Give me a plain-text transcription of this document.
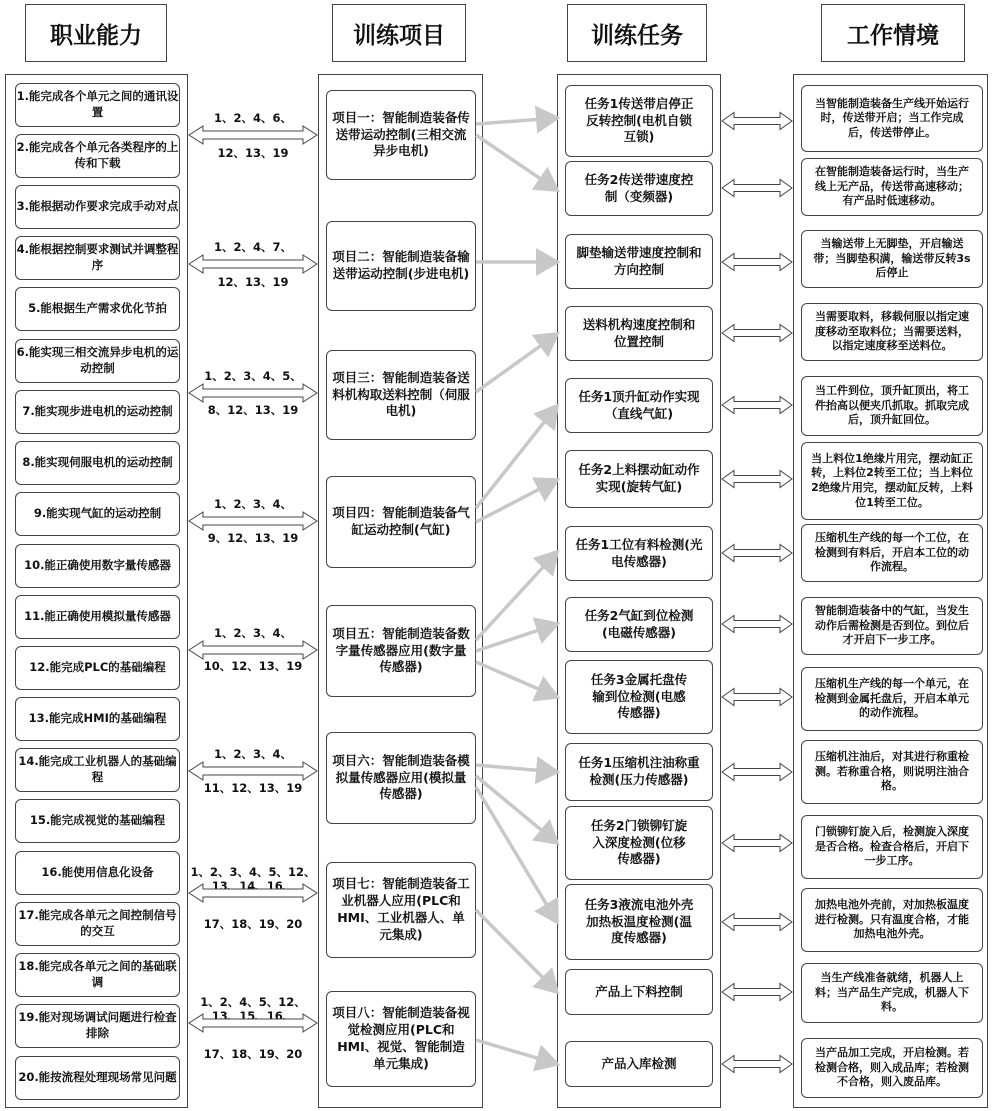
职业能力	训练项目	训练任务	工作情境
1.能完成各个单元之间的通讯设置
2.能完成各个单元各类程序的上传和下载
3.能根据动作要求完成手动对点
4.能根据控制要求测试并调整程序
5.能根据生产需求优化节拍
6.能实现三相交流异步电机的运动控制
7.能实现步进电机的运动控制
8.能实现伺服电机的运动控制
9.能实现气缸的运动控制
10.能正确使用数字量传感器
11.能正确使用模拟量传感器
12.能完成PLC的基础编程
13.能完成HMI的基础编程
14.能完成工业机器人的基础编程
15.能完成视觉的基础编程
16.能使用信息化设备
17.能完成各单元之间控制信号的交互
18.能完成各单元之间的基础联调
19.能对现场调试问题进行检查排除
20.能按流程处理现场常见问题
项目一：智能制造装备传送带运动控制(三相交流异步电机)
项目二：智能制造装备输送带运动控制(步进电机)
项目三：智能制造装备送料机构取送料控制（伺服电机)
项目四：智能制造装备气缸运动控制(气缸)
项目五：智能制造装备数字量传感器应用(数字量传感器)
项目六：智能制造装备模拟量传感器应用(模拟量传感器)
项目七：智能制造装备工业机器人应用(PLC和HMI、工业机器人、单元集成)
项目八：智能制造装备视觉检测应用(PLC和HMI、视觉、智能制造单元集成)
任务1传送带启停正反转控制(电机自锁互锁)
任务2传送带速度控制（变频器)
脚垫输送带速度控制和方向控制
送料机构速度控制和位置控制
任务1顶升缸动作实现（直线气缸)
任务2上料摆动缸动作实现(旋转气缸)
任务1工位有料检测(光电传感器)
任务2气缸到位检测(电磁传感器)
任务3金属托盘传输到位检测(电感传感器)
任务1压缩机注油称重检测(压力传感器)
任务2门锁铆钉旋入深度检测(位移传感器)
任务3液流电池外壳加热板温度检测(温度传感器)
产品上下料控制
产品入库检测
当智能制造装备生产线开始运行时，传送带开启；当工作完成后，传送带停止。
在智能制造装备运行时，当生产线上无产品，传送带高速移动；有产品时低速移动。
当输送带上无脚垫，开启输送带；当脚垫积满，输送带反转3s后停止
当需要取料，移载伺服以指定速度移动至取料位；当需要送料，以指定速度移至送料位。
当工件到位，顶升缸顶出，将工件抬高以便夹爪抓取。抓取完成后，顶升缸回位。
当上料位1绝缘片用完，摆动缸正转，上料位2转至工位；当上料位2绝缘片用完，摆动缸反转，上料位1转至工位。
压缩机生产线的每一个工位，在检测到有料后，开启本工位的动作流程。
智能制造装备中的气缸，当发生动作后需检测是否到位。到位后才开启下一步工序。
压缩机生产线的每一个单元，在检测到金属托盘后，开启本单元的动作流程。
压缩机注油后，对其进行称重检测。若称重合格，则说明注油合格。
门锁铆钉旋入后，检测旋入深度是否合格。检查合格后，开启下一步工序。
加热电池外壳前，对加热板温度进行检测。只有温度合格，才能加热电池外壳。
当生产线准备就绪，机器人上料；当产品生产完成，机器人下料。
当产品加工完成，开启检测。若检测合格，则入成品库；若检测不合格，则入废品库。
1、2、4、6、
12、13、19
1、2、4、7、
12、13、19
1、2、3、4、5、
8、12、13、19
1、2、3、4、
9、12、13、19
1、2、3、4、
10、12、13、19
1、2、3、4、
11、12、13、19
1、2、3、4、5、12、13、14、16、
17、18、19、20
1、2、4、5、12、13、15、16、
17、18、19、20
